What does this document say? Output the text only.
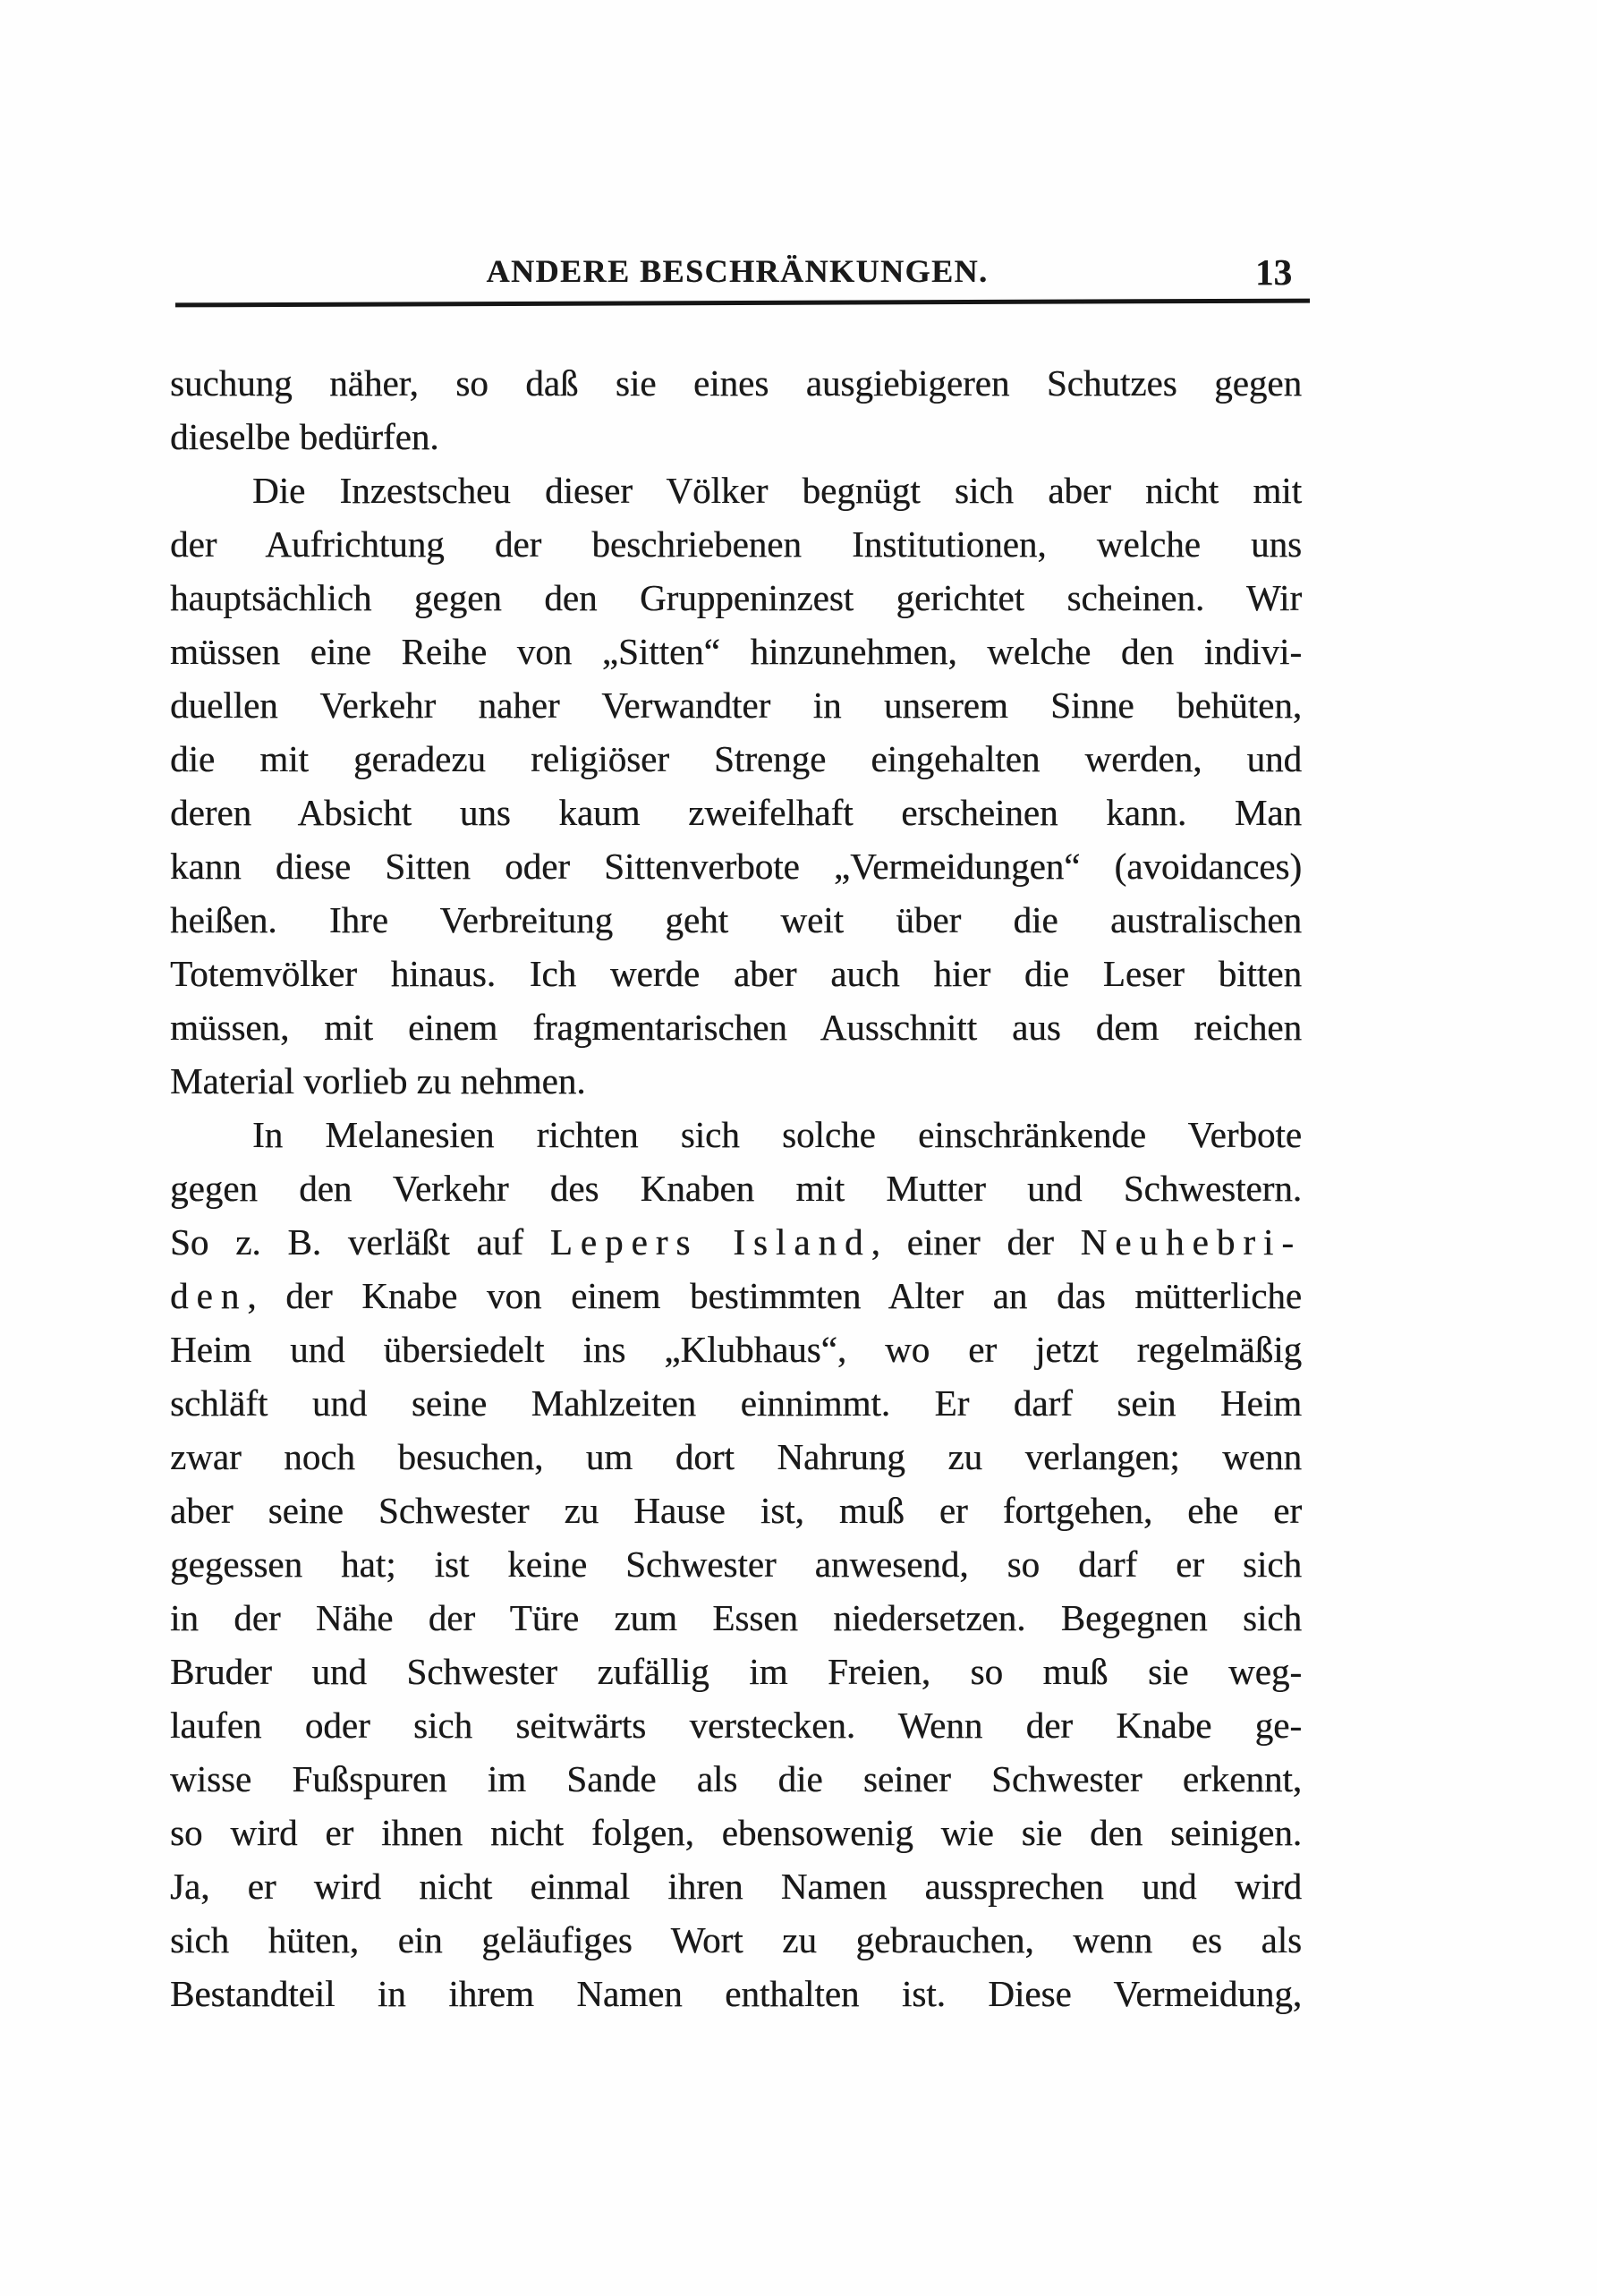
ANDERE BESCHRÄNKUNGEN.	13
suchung näher, so daß sie eines ausgiebigeren Schutzes gegen
dieselbe bedürfen.
Die Inzestscheu dieser Völker begnügt sich aber nicht mit
der Aufrichtung der beschriebenen Institutionen, welche uns
hauptsächlich gegen den Gruppeninzest gerichtet scheinen. Wir
müssen eine Reihe von „Sitten“ hinzunehmen, welche den indivi-
duellen Verkehr naher Verwandter in unserem Sinne behüten,
die mit geradezu religiöser Strenge eingehalten werden, und
deren Absicht uns kaum zweifelhaft erscheinen kann. Man
kann diese Sitten oder Sittenverbote „Vermeidungen“ (avoidances)
heißen. Ihre Verbreitung geht weit über die australischen
Totemvölker hinaus. Ich werde aber auch hier die Leser bitten
müssen, mit einem fragmentarischen Ausschnitt aus dem reichen
Material vorlieb zu nehmen.
In Melanesien richten sich solche einschränkende Verbote
gegen den Verkehr des Knaben mit Mutter und Schwestern.
So z. B. verläßt auf Lepers Island, einer der Neuhebri-
den, der Knabe von einem bestimmten Alter an das mütterliche
Heim und übersiedelt ins „Klubhaus“, wo er jetzt regelmäßig
schläft und seine Mahlzeiten einnimmt. Er darf sein Heim
zwar noch besuchen, um dort Nahrung zu verlangen; wenn
aber seine Schwester zu Hause ist, muß er fortgehen, ehe er
gegessen hat; ist keine Schwester anwesend, so darf er sich
in der Nähe der Türe zum Essen niedersetzen. Begegnen sich
Bruder und Schwester zufällig im Freien, so muß sie weg-
laufen oder sich seitwärts verstecken. Wenn der Knabe ge-
wisse Fußspuren im Sande als die seiner Schwester erkennt,
so wird er ihnen nicht folgen, ebensowenig wie sie den seinigen.
Ja, er wird nicht einmal ihren Namen aussprechen und wird
sich hüten, ein geläufiges Wort zu gebrauchen, wenn es als
Bestandteil in ihrem Namen enthalten ist. Diese Vermeidung,
